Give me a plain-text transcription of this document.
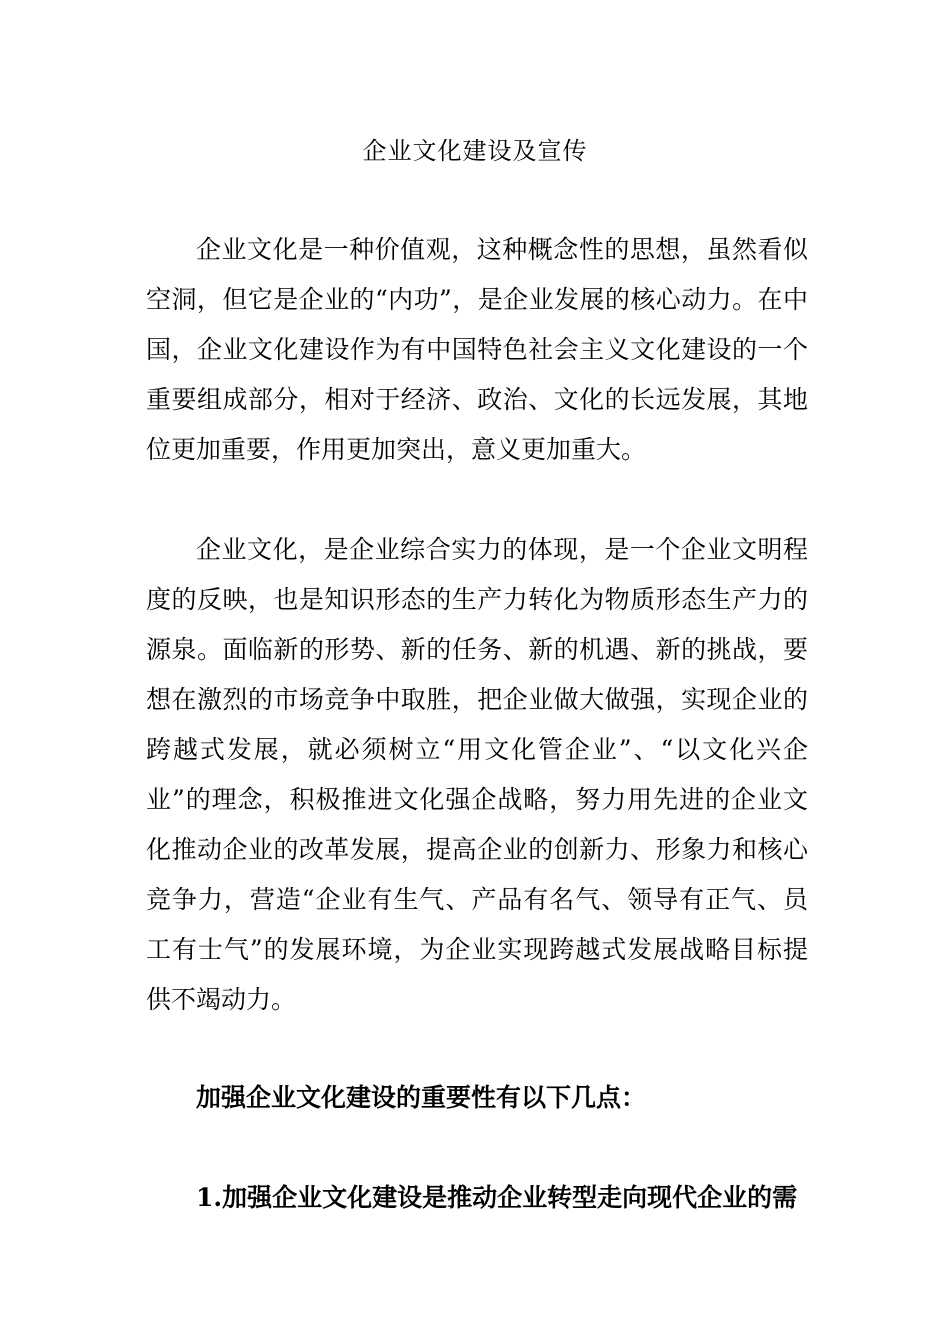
企业文化建设及宣传

企业文化是一种价值观，这种概念性的思想，虽然看似空洞，但它是企业的“内功”，是企业发展的核心动力。在中国，企业文化建设作为有中国特色社会主义文化建设的一个重要组成部分，相对于经济、政治、文化的长远发展，其地位更加重要，作用更加突出，意义更加重大。

企业文化，是企业综合实力的体现，是一个企业文明程度的反映，也是知识形态的生产力转化为物质形态生产力的源泉。面临新的形势、新的任务、新的机遇、新的挑战，要想在激烈的市场竞争中取胜，把企业做大做强，实现企业的跨越式发展，就必须树立“用文化管企业”、“以文化兴企业”的理念，积极推进文化强企战略，努力用先进的企业文化推动企业的改革发展，提高企业的创新力、形象力和核心竞争力，营造“企业有生气、产品有名气、领导有正气、员工有士气”的发展环境，为企业实现跨越式发展战略目标提供不竭动力。

加强企业文化建设的重要性有以下几点：

1.加强企业文化建设是推动企业转型走向现代企业的需
